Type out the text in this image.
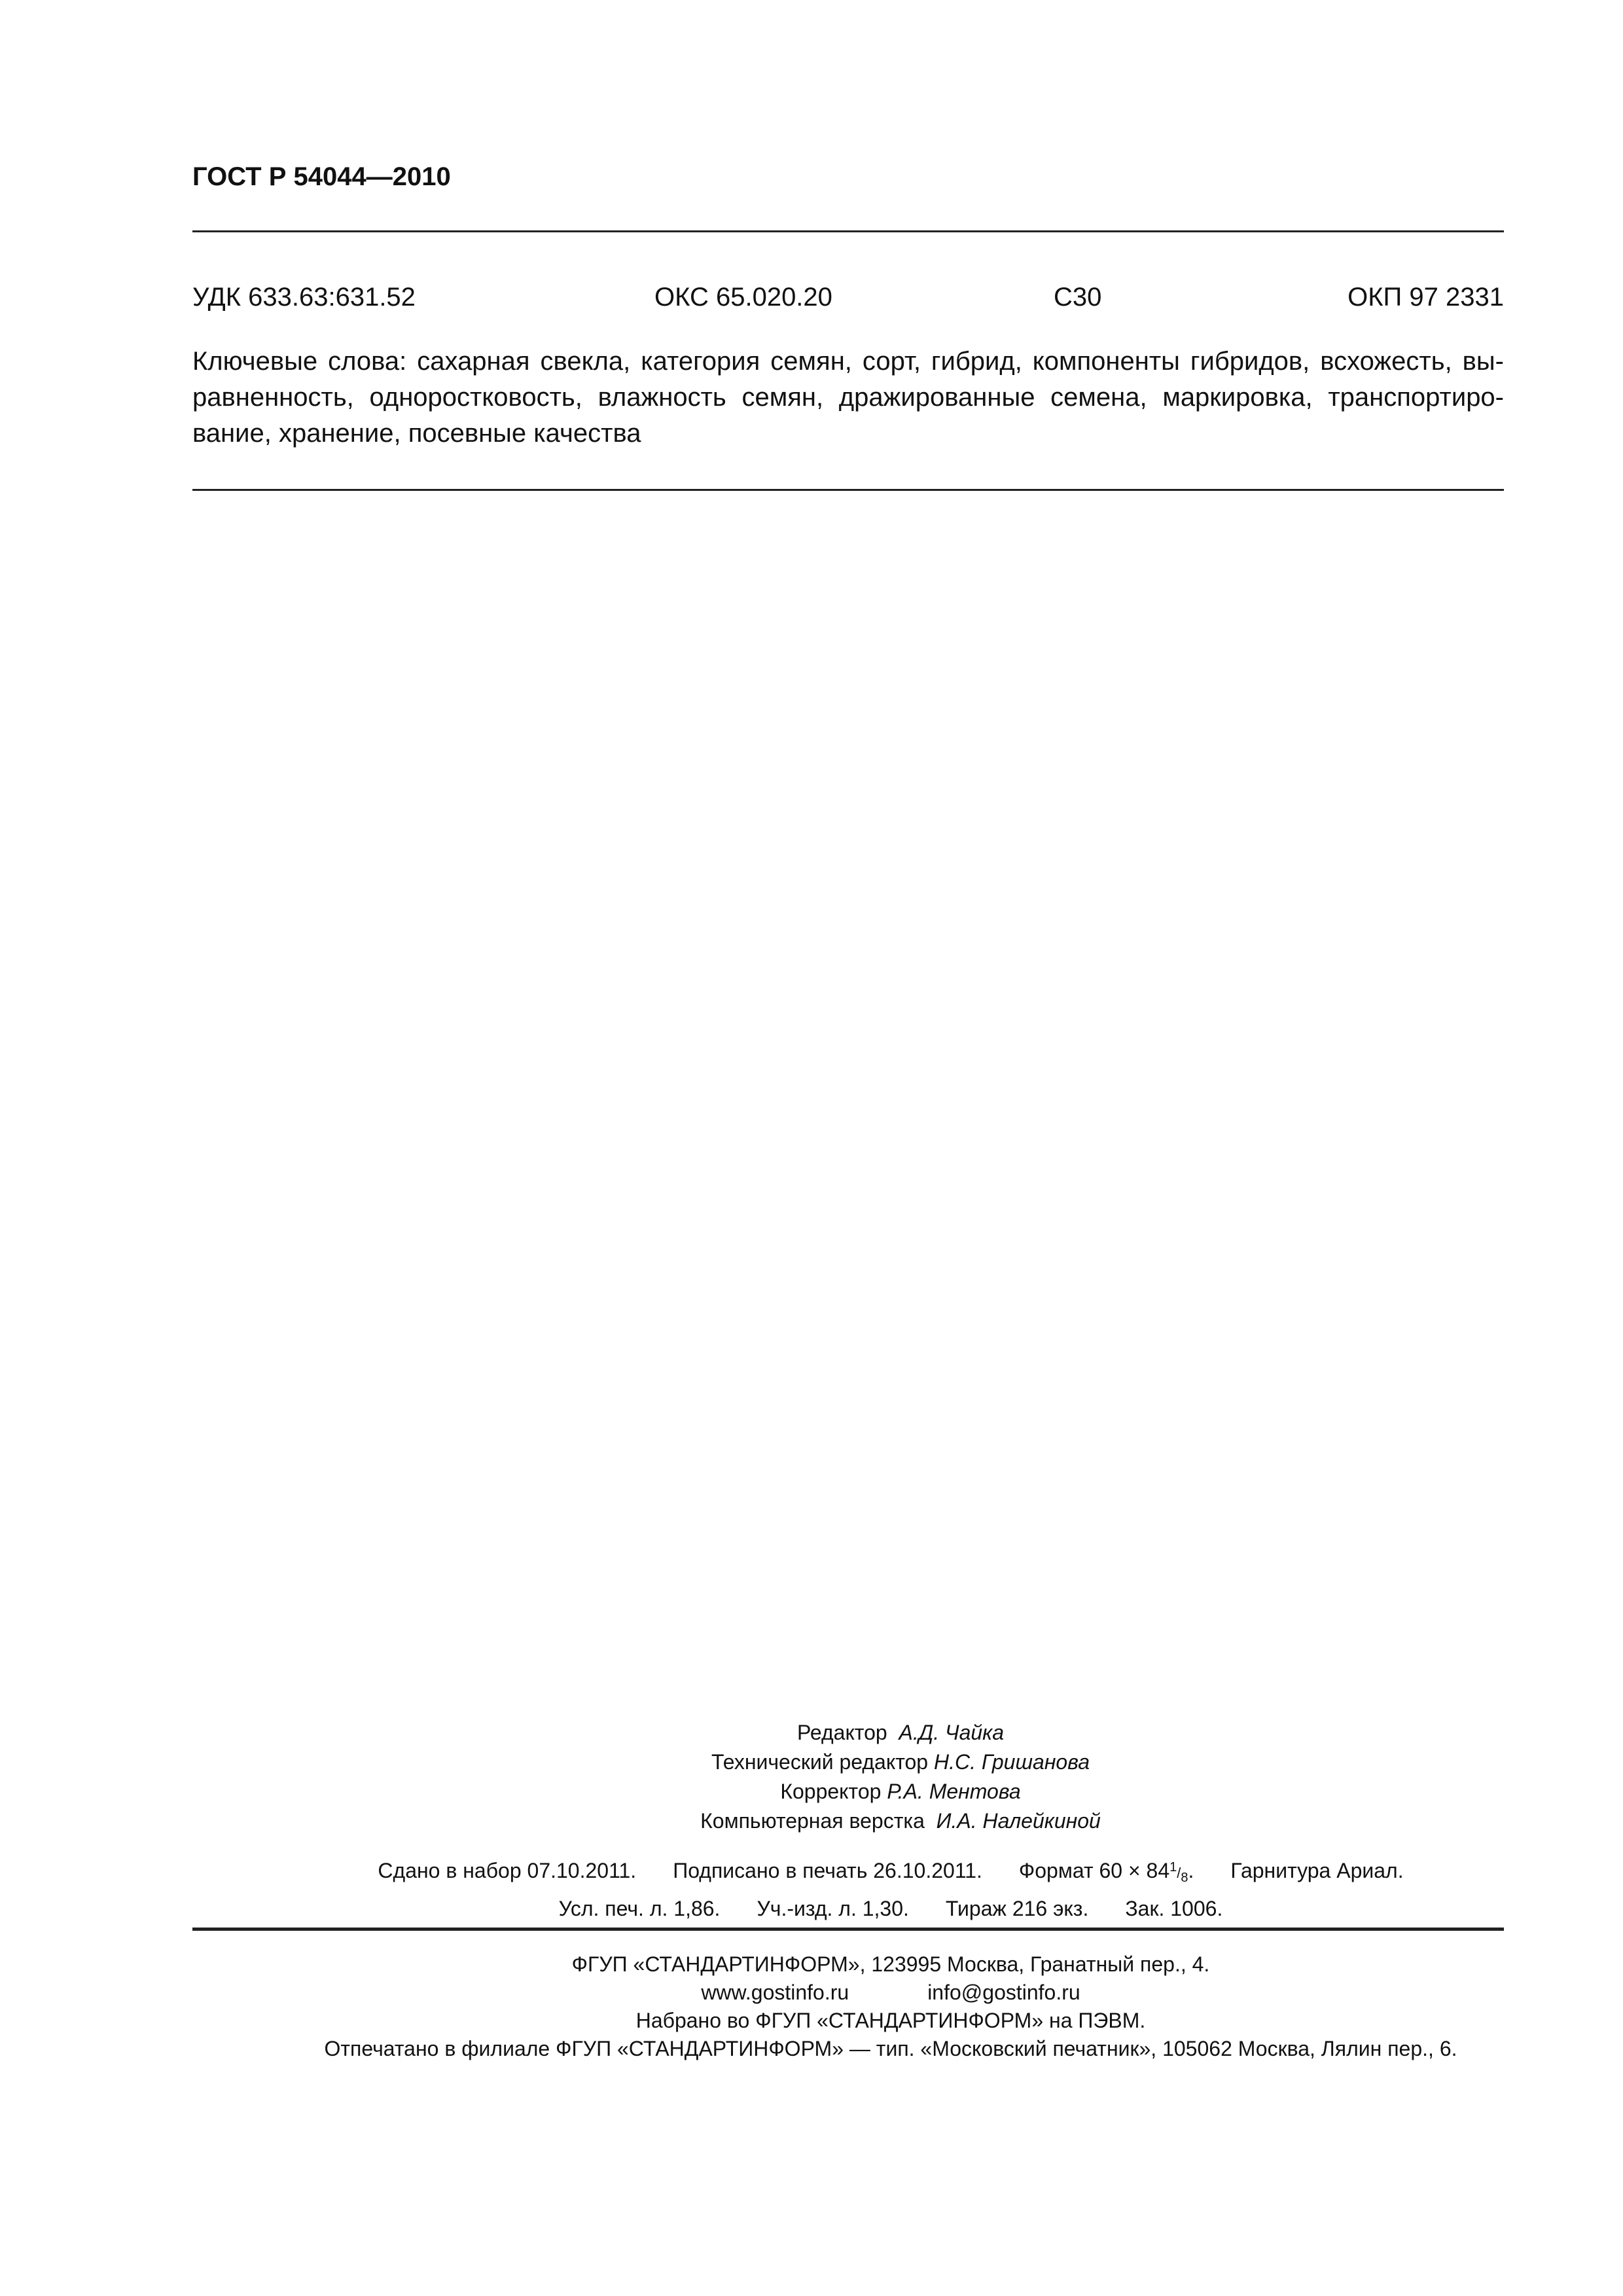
ГОСТ Р 54044—2010
УДК 633.63:631.52	ОКС 65.020.20	С30	ОКП 97 2331
Ключевые слова: сахарная свекла, категория семян, сорт, гибрид, компоненты гибридов, всхожесть, вы-
равненность, одноростковость, влажность семян, дражированные семена, маркировка, транспортиро-
вание, хранение, посевные качества
Редактор А.Д. Чайка
Технический редактор Н.С. Гришанова
Корректор Р.А. Ментова
Компьютерная верстка И.А. Налейкиной
Сдано в набор 07.10.2011. Подписано в печать 26.10.2011. Формат $60 \times 84^1/_8$. Гарнитура Ариал.
Усл. печ. л. 1,86. Уч.-изд. л. 1,30. Тираж 216 экз. Зак. 1006.
ФГУП «СТАНДАРТИНФОРМ», 123995 Москва, Гранатный пер., 4.
www.gostinfo.ru	info@gostinfo.ru
Набрано во ФГУП «СТАНДАРТИНФОРМ» на ПЭВМ.
Отпечатано в филиале ФГУП «СТАНДАРТИНФОРМ» — тип. «Московский печатник», 105062 Москва, Лялин пер., 6.
